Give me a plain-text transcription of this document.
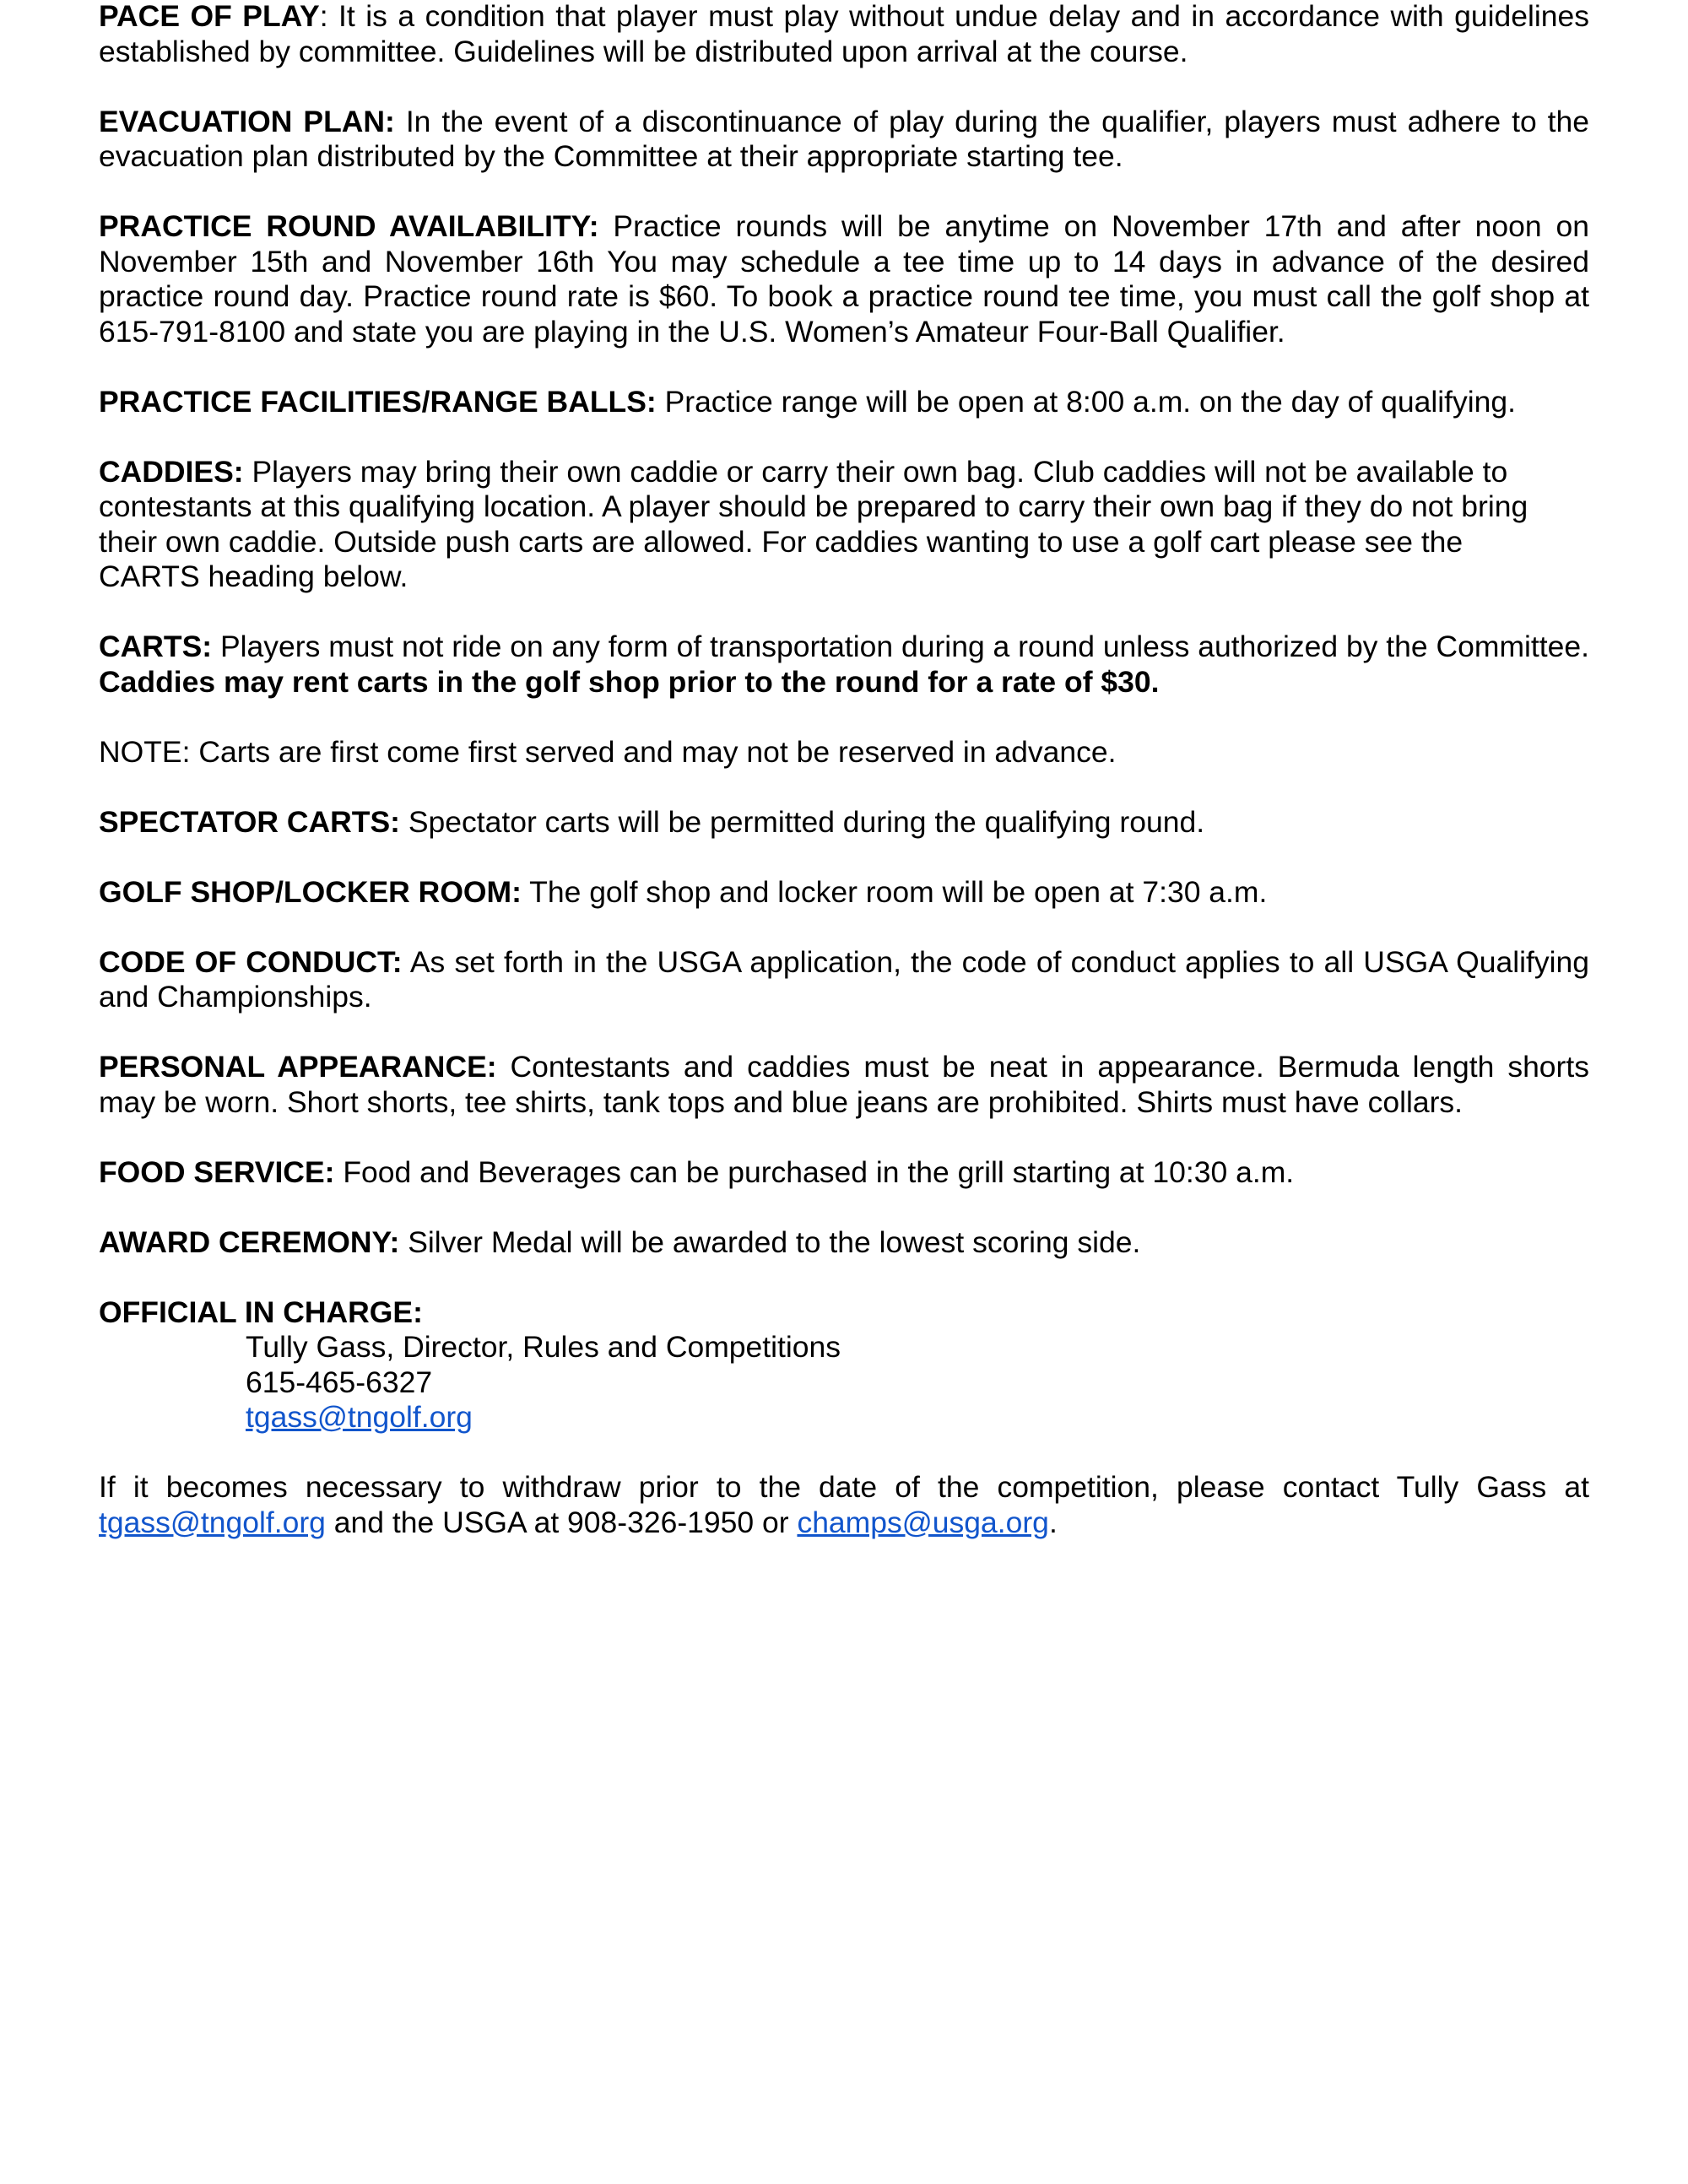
PACE OF PLAY: It is a condition that player must play without undue delay and in accordance with guidelines established by committee. Guidelines will be distributed upon arrival at the course.

EVACUATION PLAN: In the event of a discontinuance of play during the qualifier, players must adhere to the evacuation plan distributed by the Committee at their appropriate starting tee.

PRACTICE ROUND AVAILABILITY: Practice rounds will be anytime on November 17th and after noon on November 15th and November 16th You may schedule a tee time up to 14 days in advance of the desired practice round day. Practice round rate is $60. To book a practice round tee time, you must call the golf shop at 615-791-8100 and state you are playing in the U.S. Women’s Amateur Four-Ball Qualifier.

PRACTICE FACILITIES/RANGE BALLS: Practice range will be open at 8:00 a.m. on the day of qualifying.

CADDIES: Players may bring their own caddie or carry their own bag. Club caddies will not be available to contestants at this qualifying location. A player should be prepared to carry their own bag if they do not bring their own caddie. Outside push carts are allowed. For caddies wanting to use a golf cart please see the CARTS heading below.

CARTS: Players must not ride on any form of transportation during a round unless authorized by the Committee. Caddies may rent carts in the golf shop prior to the round for a rate of $30.

NOTE: Carts are first come first served and may not be reserved in advance.

SPECTATOR CARTS: Spectator carts will be permitted during the qualifying round.

GOLF SHOP/LOCKER ROOM: The golf shop and locker room will be open at 7:30 a.m.

CODE OF CONDUCT: As set forth in the USGA application, the code of conduct applies to all USGA Qualifying and Championships.

PERSONAL APPEARANCE: Contestants and caddies must be neat in appearance. Bermuda length shorts may be worn. Short shorts, tee shirts, tank tops and blue jeans are prohibited. Shirts must have collars.

FOOD SERVICE: Food and Beverages can be purchased in the grill starting at 10:30 a.m.

AWARD CEREMONY: Silver Medal will be awarded to the lowest scoring side.

OFFICIAL IN CHARGE:

Tully Gass, Director, Rules and Competitions

615-465-6327

tgass@tngolf.org

If it becomes necessary to withdraw prior to the date of the competition, please contact Tully Gass at tgass@tngolf.org and the USGA at 908-326-1950 or champs@usga.org.
